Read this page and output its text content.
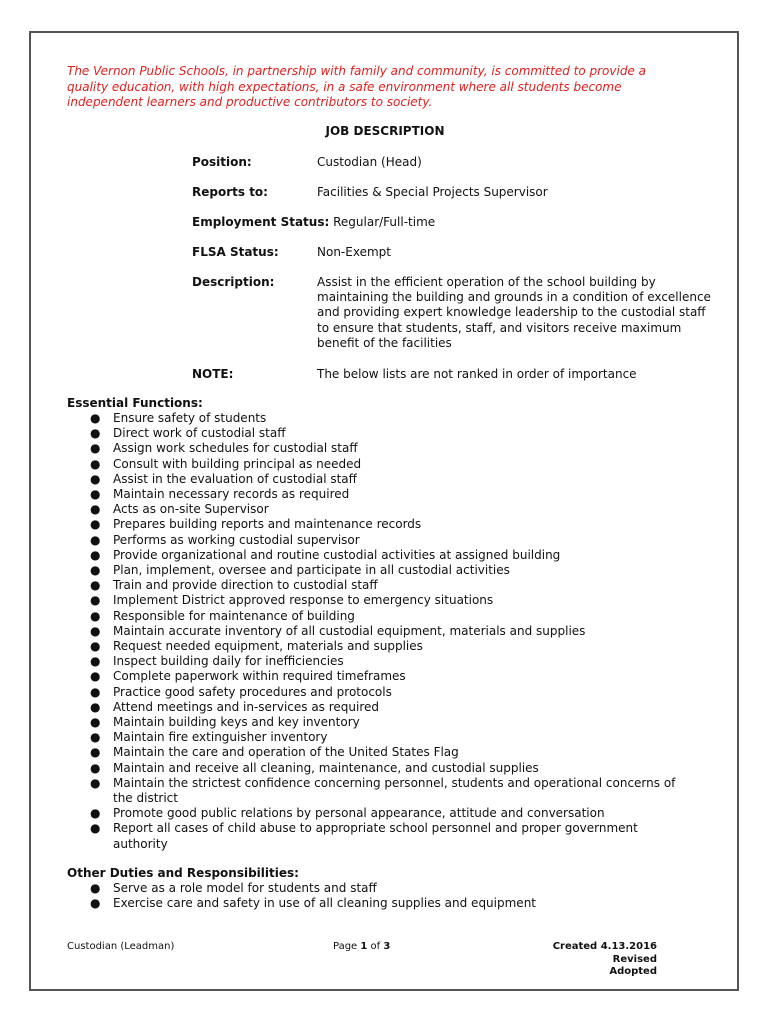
The Vernon Public Schools, in partnership with family and community, is committed to provide a quality education, with high expectations, in a safe environment where all students become independent learners and productive contributors to society.
JOB DESCRIPTION
Position:	Custodian (Head)
Reports to:	Facilities & Special Projects Supervisor
Employment Status: Regular/Full-time
FLSA Status:	Non-Exempt
Description:	Assist in the efficient operation of the school building by maintaining the building and grounds in a condition of excellence and providing expert knowledge leadership to the custodial staff to ensure that students, staff, and visitors receive maximum benefit of the facilities
NOTE:	The below lists are not ranked in order of importance
Essential Functions:
● Ensure safety of students
● Direct work of custodial staff
● Assign work schedules for custodial staff
● Consult with building principal as needed
● Assist in the evaluation of custodial staff
● Maintain necessary records as required
● Acts as on-site Supervisor
● Prepares building reports and maintenance records
● Performs as working custodial supervisor
● Provide organizational and routine custodial activities at assigned building
● Plan, implement, oversee and participate in all custodial activities
● Train and provide direction to custodial staff
● Implement District approved response to emergency situations
● Responsible for maintenance of building
● Maintain accurate inventory of all custodial equipment, materials and supplies
● Request needed equipment, materials and supplies
● Inspect building daily for inefficiencies
● Complete paperwork within required timeframes
● Practice good safety procedures and protocols
● Attend meetings and in-services as required
● Maintain building keys and key inventory
● Maintain fire extinguisher inventory
● Maintain the care and operation of the United States Flag
● Maintain and receive all cleaning, maintenance, and custodial supplies
● Maintain the strictest confidence concerning personnel, students and operational concerns of the district
● Promote good public relations by personal appearance, attitude and conversation
● Report all cases of child abuse to appropriate school personnel and proper government authority
Other Duties and Responsibilities:
● Serve as a role model for students and staff
● Exercise care and safety in use of all cleaning supplies and equipment
Custodian (Leadman)	Page 1 of 3	Created 4.13.2016
Revised
Adopted
